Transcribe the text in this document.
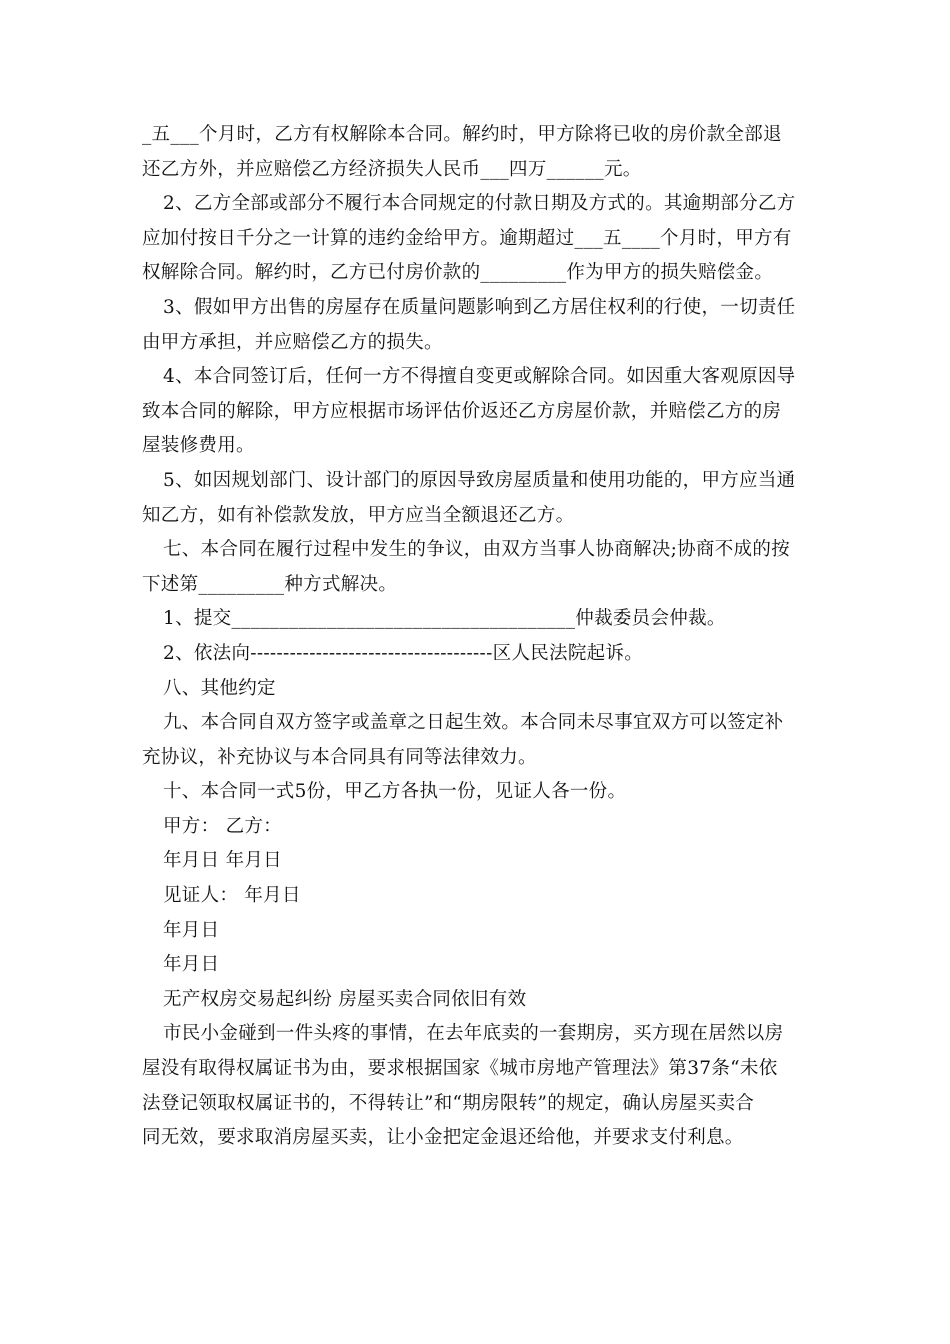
_五___个月时，乙方有权解除本合同。解约时，甲方除将已收的房价款全部退

还乙方外，并应赔偿乙方经济损失人民币___四万______元。

2、乙方全部或部分不履行本合同规定的付款日期及方式的。其逾期部分乙方

应加付按日千分之一计算的违约金给甲方。逾期超过___五____个月时，甲方有

权解除合同。解约时，乙方已付房价款的_________作为甲方的损失赔偿金。

3、假如甲方出售的房屋存在质量问题影响到乙方居住权利的行使，一切责任

由甲方承担，并应赔偿乙方的损失。

4、本合同签订后，任何一方不得擅自变更或解除合同。如因重大客观原因导

致本合同的解除，甲方应根据市场评估价返还乙方房屋价款，并赔偿乙方的房

屋装修费用。

5、如因规划部门、设计部门的原因导致房屋质量和使用功能的，甲方应当通

知乙方，如有补偿款发放，甲方应当全额退还乙方。

七、本合同在履行过程中发生的争议，由双方当事人协商解决;协商不成的按

下述第_________种方式解决。

1、提交____________________________________仲裁委员会仲裁。

2、依法向-------------------------------------区人民法院起诉。

八、其他约定

九、本合同自双方签字或盖章之日起生效。本合同未尽事宜双方可以签定补

充协议，补充协议与本合同具有同等法律效力。

十、本合同一式5份，甲乙方各执一份，见证人各一份。

甲方： 乙方：

年月日 年月日

见证人： 年月日

年月日

年月日

无产权房交易起纠纷 房屋买卖合同依旧有效

市民小金碰到一件头疼的事情，在去年底卖的一套期房，买方现在居然以房

屋没有取得权属证书为由，要求根据国家《城市房地产管理法》第37条“未依

法登记领取权属证书的，不得转让”和“期房限转”的规定，确认房屋买卖合

同无效，要求取消房屋买卖，让小金把定金退还给他，并要求支付利息。
